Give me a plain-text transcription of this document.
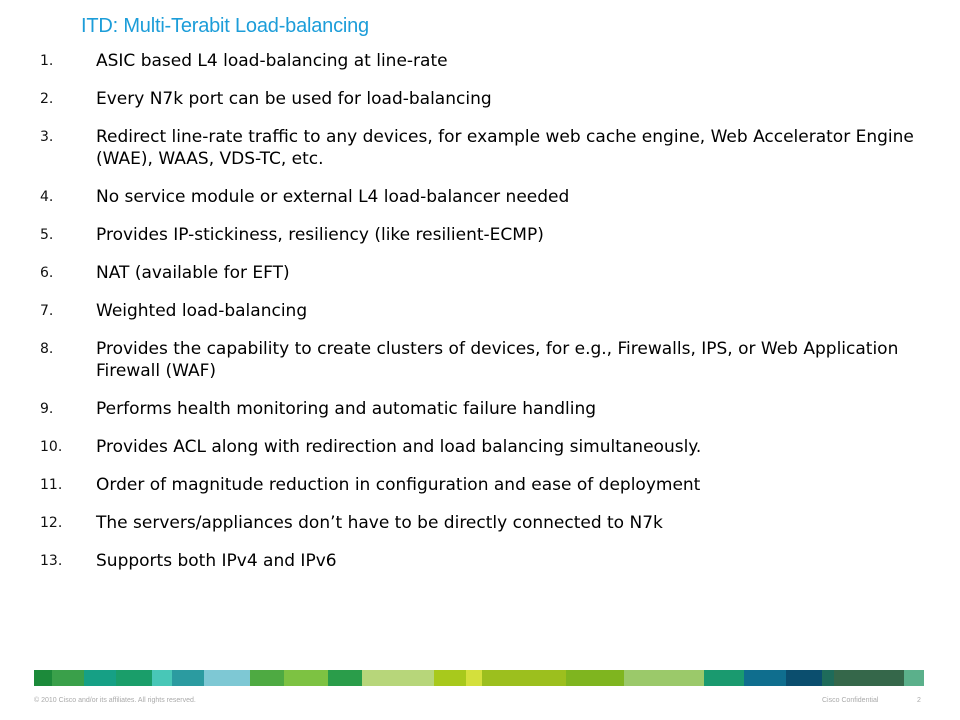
ITD: Multi-Terabit Load-balancing
1.	ASIC based L4 load-balancing at line-rate
2.	Every N7k port can be used for load-balancing
3.	Redirect line-rate traffic to any devices, for example web cache engine, Web Accelerator Engine (WAE), WAAS, VDS-TC, etc.
4.	No service module or external L4 load-balancer needed
5.	Provides IP-stickiness, resiliency (like resilient-ECMP)
6.	NAT (available for EFT)
7.	Weighted load-balancing
8.	Provides the capability to create clusters of devices, for e.g., Firewalls, IPS, or Web Application Firewall (WAF)
9.	Performs health monitoring and automatic failure handling
10.	Provides ACL along with redirection and load balancing simultaneously.
11.	Order of magnitude reduction in configuration and ease of deployment
12.	The servers/appliances don’t have to be directly connected to N7k
13.	Supports both IPv4 and IPv6
© 2010 Cisco and/or its affiliates. All rights reserved.	Cisco Confidential	2
